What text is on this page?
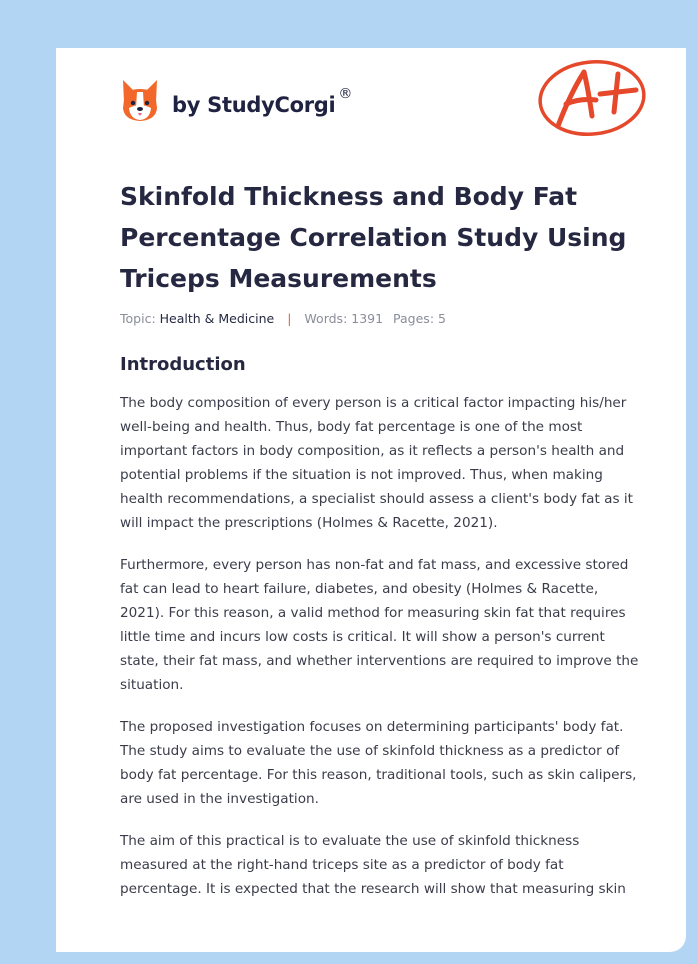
by StudyCorgi ®
Skinfold Thickness and Body Fat Percentage Correlation Study Using Triceps Measurements
Topic: Health & Medicine | Words: 1391 Pages: 5
Introduction

The body composition of every person is a critical factor impacting his/her well-being and health. Thus, body fat percentage is one of the most important factors in body composition, as it reflects a person's health and potential problems if the situation is not improved. Thus, when making health recommendations, a specialist should assess a client's body fat as it will impact the prescriptions (Holmes & Racette, 2021).

Furthermore, every person has non-fat and fat mass, and excessive stored fat can lead to heart failure, diabetes, and obesity (Holmes & Racette, 2021). For this reason, a valid method for measuring skin fat that requires little time and incurs low costs is critical. It will show a person's current state, their fat mass, and whether interventions are required to improve the situation.

The proposed investigation focuses on determining participants' body fat. The study aims to evaluate the use of skinfold thickness as a predictor of body fat percentage. For this reason, traditional tools, such as skin calipers, are used in the investigation.

The aim of this practical is to evaluate the use of skinfold thickness measured at the right-hand triceps site as a predictor of body fat percentage. It is expected that the research will show that measuring skin
